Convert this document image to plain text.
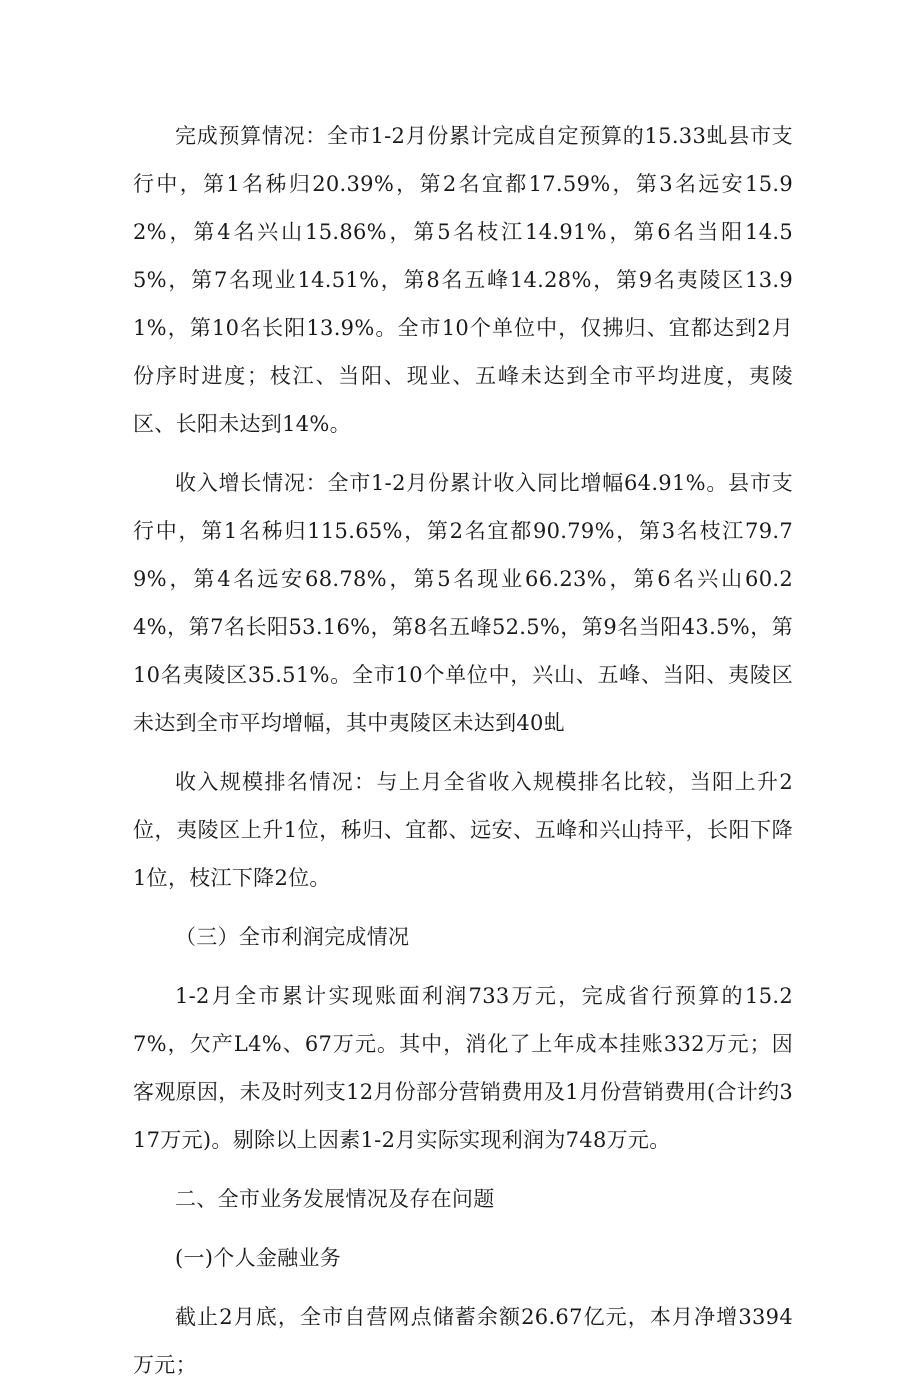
完成预算情况：全市1-2月份累计完成自定预算的15.33虬县市支行中，第1名秭归20.39%，第2名宜都17.59%，第3名远安15.92%，第4名兴山15.86%，第5名枝江14.91%，第6名当阳14.55%，第7名现业14.51%，第8名五峰14.28%，第9名夷陵区13.91%，第10名长阳13.9%。全市10个单位中，仅拂归、宜都达到2月份序时进度；枝江、当阳、现业、五峰未达到全市平均进度，夷陵区、长阳未达到14%。

收入增长情况：全市1-2月份累计收入同比增幅64.91%。县市支行中，第1名秭归115.65%，第2名宜都90.79%，第3名枝江79.79%，第4名远安68.78%，第5名现业66.23%，第6名兴山60.24%，第7名长阳53.16%，第8名五峰52.5%，第9名当阳43.5%，第10名夷陵区35.51%。全市10个单位中，兴山、五峰、当阳、夷陵区未达到全市平均增幅，其中夷陵区未达到40虬

收入规模排名情况：与上月全省收入规模排名比较，当阳上升2位，夷陵区上升1位，秭归、宜都、远安、五峰和兴山持平，长阳下降1位，枝江下降2位。

（三）全市利润完成情况

1-2月全市累计实现账面利润733万元，完成省行预算的15.27%，欠产L4%、67万元。其中，消化了上年成本挂账332万元；因客观原因，未及时列支12月份部分营销费用及1月份营销费用(合计约317万元)。剔除以上因素1-2月实际实现利润为748万元。

二、全市业务发展情况及存在问题

(一)个人金融业务

截止2月底，全市自营网点储蓄余额26.67亿元，本月净增3394万元；
